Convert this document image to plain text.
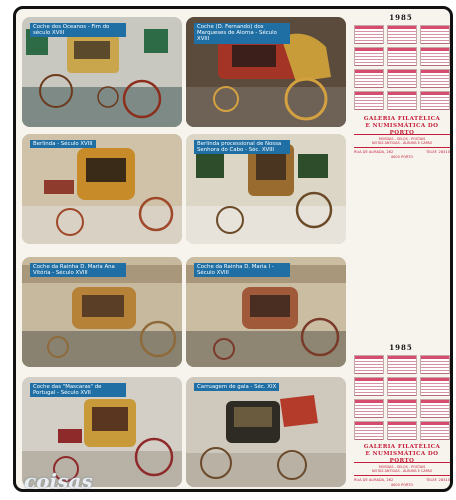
Coche dos Oceanos - Fim do século XVIII
Coche (D. Fernando) dos Marqueses de Alorna - Século XVIII
Berlinda - Século XVIII	Berlinda processional de Nossa Senhora do Cabo - Séc. XVIII
Coche da Rainha D. Maria Ana Vitória - Século XVIII
Coche da Rainha D. Maria I - Século XVIII
Coche das "Mascaras" de Portugal - Século XVII
Carruagem de gala - Séc. XIX
1985
GALERIA FILATÉLICA
E NUMISMÁTICA DO PORTO
MOEDAS - SELOS - POSTAIS
NOTAS ANTIGAS - ÁLBUNS E CAPAS
RUA DE ALMADA, 262	TELEF. 28310
4000 PORTO
1985
GALERIA FILATÉLICA
E NUMISMÁTICA DO PORTO
MOEDAS - SELOS - POSTAIS
NOTAS ANTIGAS - ÁLBUNS E CAPAS
RUA DE ALMADA, 262	TELEF. 28310
4000 PORTO
coisas
